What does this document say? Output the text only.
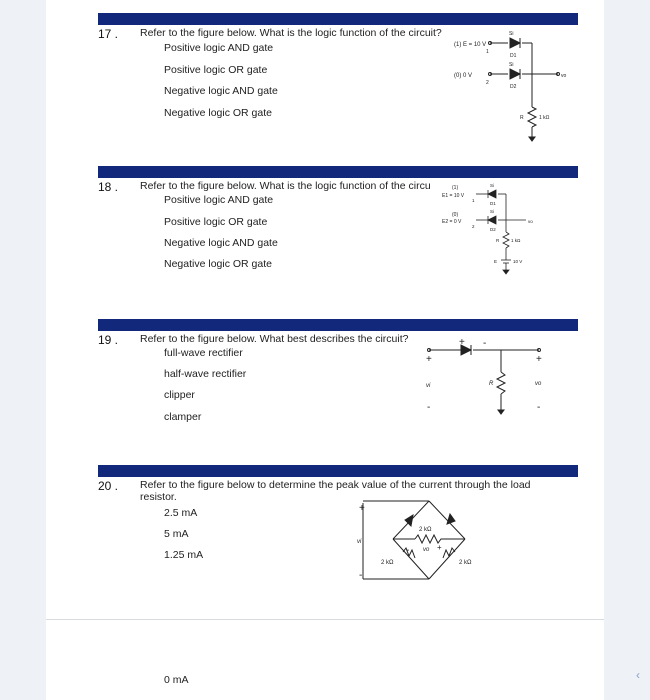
17 . Refer to the figure below. What is the logic function of the circuit?
Positive logic AND gate
Positive logic OR gate
Negative logic AND gate
Negative logic OR gate
(1) E = 10 V
(0) 0 V
Si
Si
D1
D2
1
2
R	1 kΩ
vo
18 . Refer to the figure below. What is the logic function of the circu
Positive logic AND gate
Positive logic OR gate
Negative logic AND gate
Negative logic OR gate
(1)
E1 = 10 V
(0)
E2 = 0 V
Si
Si
D1
D2
1
2
R	1 kΩ
E	10 V
vo
19 . Refer to the figure below. What best describes the circuit?
full-wave rectifier
half-wave rectifier
clipper
clamper
+ -
+
vi
-
+
vo
-
R
20 . Refer to the figure below to determine the peak value of the current through the load
resistor.
2.5 mA
5 mA
1.25 mA
+
vi
-
2 kΩ
- vo +
2 kΩ	2 kΩ
0 mA	‹
